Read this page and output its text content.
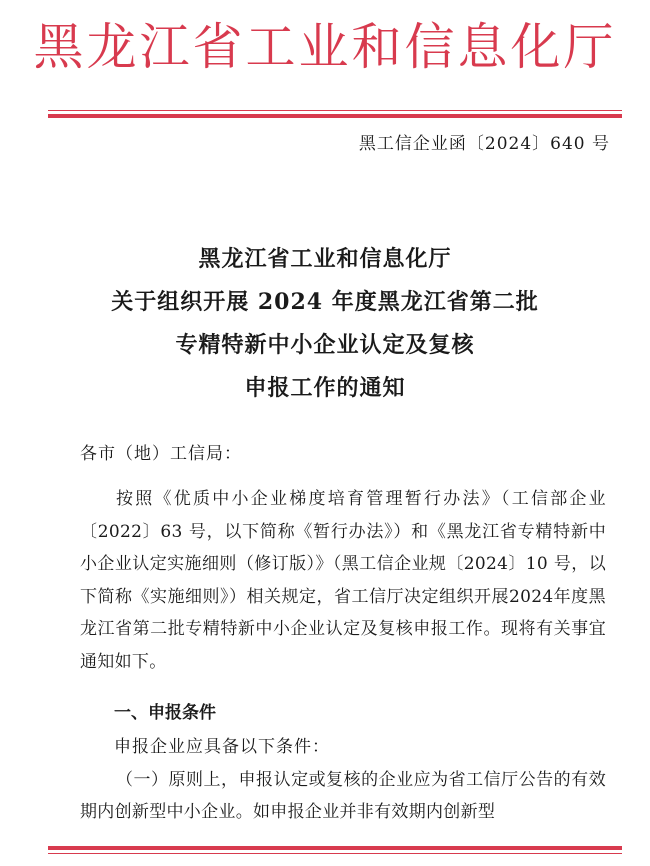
黑龙江省工业和信息化厅
黑工信企业函〔2024〕640 号
黑龙江省工业和信息化厅
关于组织开展 2024 年度黑龙江省第二批
专精特新中小企业认定及复核
申报工作的通知
各市（地）工信局：
按照《优质中小企业梯度培育管理暂行办法》（工信部企业〔2022〕63 号，以下简称《暂行办法》）和《黑龙江省专精特新中小企业认定实施细则（修订版）》（黑工信企业规〔2024〕10 号，以下简称《实施细则》）相关规定，省工信厅决定组织开展2024年度黑龙江省第二批专精特新中小企业认定及复核申报工作。现将有关事宜通知如下。
一、申报条件
申报企业应具备以下条件：
（一）原则上，申报认定或复核的企业应为省工信厅公告的有效期内创新型中小企业。如申报企业并非有效期内创新型
